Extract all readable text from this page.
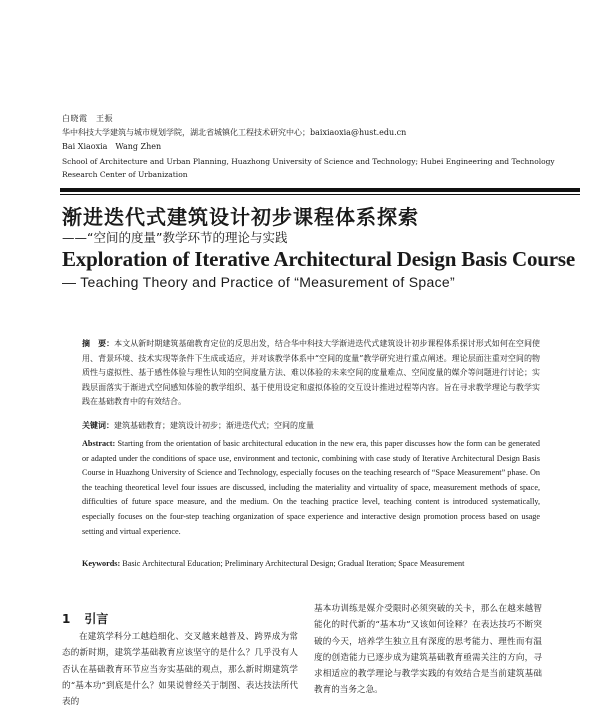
白晓霞　王振
华中科技大学建筑与城市规划学院，湖北省城镇化工程技术研究中心；baixiaoxia@hust.edu.cn
Bai Xiaoxia　Wang Zhen
School of Architecture and Urban Planning, Huazhong University of Science and Technology; Hubei Engineering and Technology Research Center of Urbanization
渐进迭代式建筑设计初步课程体系探索
——“空间的度量”教学环节的理论与实践
Exploration of Iterative Architectural Design Basis Course
— Teaching Theory and Practice of “Measurement of Space”
摘　要：本文从新时期建筑基础教育定位的反思出发，结合华中科技大学渐进迭代式建筑设计初步课程体系探讨形式如何在空间使用、背景环境、技术实现等条件下生成或适应，并对该教学体系中“空间的度量”教学研究进行重点阐述。理论层面注重对空间的物质性与虚拟性、基于感性体验与理性认知的空间度量方法、难以体验的未来空间的度量难点、空间度量的媒介等问题进行讨论；实践层面落实于渐进式空间感知体验的教学组织、基于使用设定和虚拟体验的交互设计推进过程等内容。旨在寻求教学理论与教学实践在基础教育中的有效结合。
关键词：建筑基础教育；建筑设计初步；渐进迭代式；空间的度量
Abstract: Starting from the orientation of basic architectural education in the new era, this paper discusses how the form can be generated or adapted under the conditions of space use, environment and tectonic, combining with case study of Iterative Architectural Design Basis Course in Huazhong University of Science and Technology, especially focuses on the teaching research of “Space Measurement” phase. On the teaching theoretical level four issues are discussed, including the materiality and virtuality of space, measurement methods of space, difficulties of future space measure, and the medium. On the teaching practice level, teaching content is introduced systematically, especially focuses on the four-step teaching organization of space experience and interactive design promotion process based on usage setting and virtual experience.
Keywords: Basic Architectural Education; Preliminary Architectural Design; Gradual Iteration; Space Measurement
1 引言
在建筑学科分工越趋细化、交叉越来越普及、跨界成为常态的新时期，建筑学基础教育应该坚守的是什么？几乎没有人否认在基础教育环节应当夯实基础的观点，那么新时期建筑学的“基本功”到底是什么？如果说曾经关于制图、表达技法所代表的
基本功训练是媒介受限时必须突破的关卡，那么在越来越智能化的时代新的“基本功”又该如何诠释？在表达技巧不断突破的今天，培养学生独立且有深度的思考能力、理性而有温度的创造能力已逐步成为建筑基础教育亟需关注的方向，寻求相适应的教学理论与教学实践的有效结合是当前建筑基础教育的当务之急。
